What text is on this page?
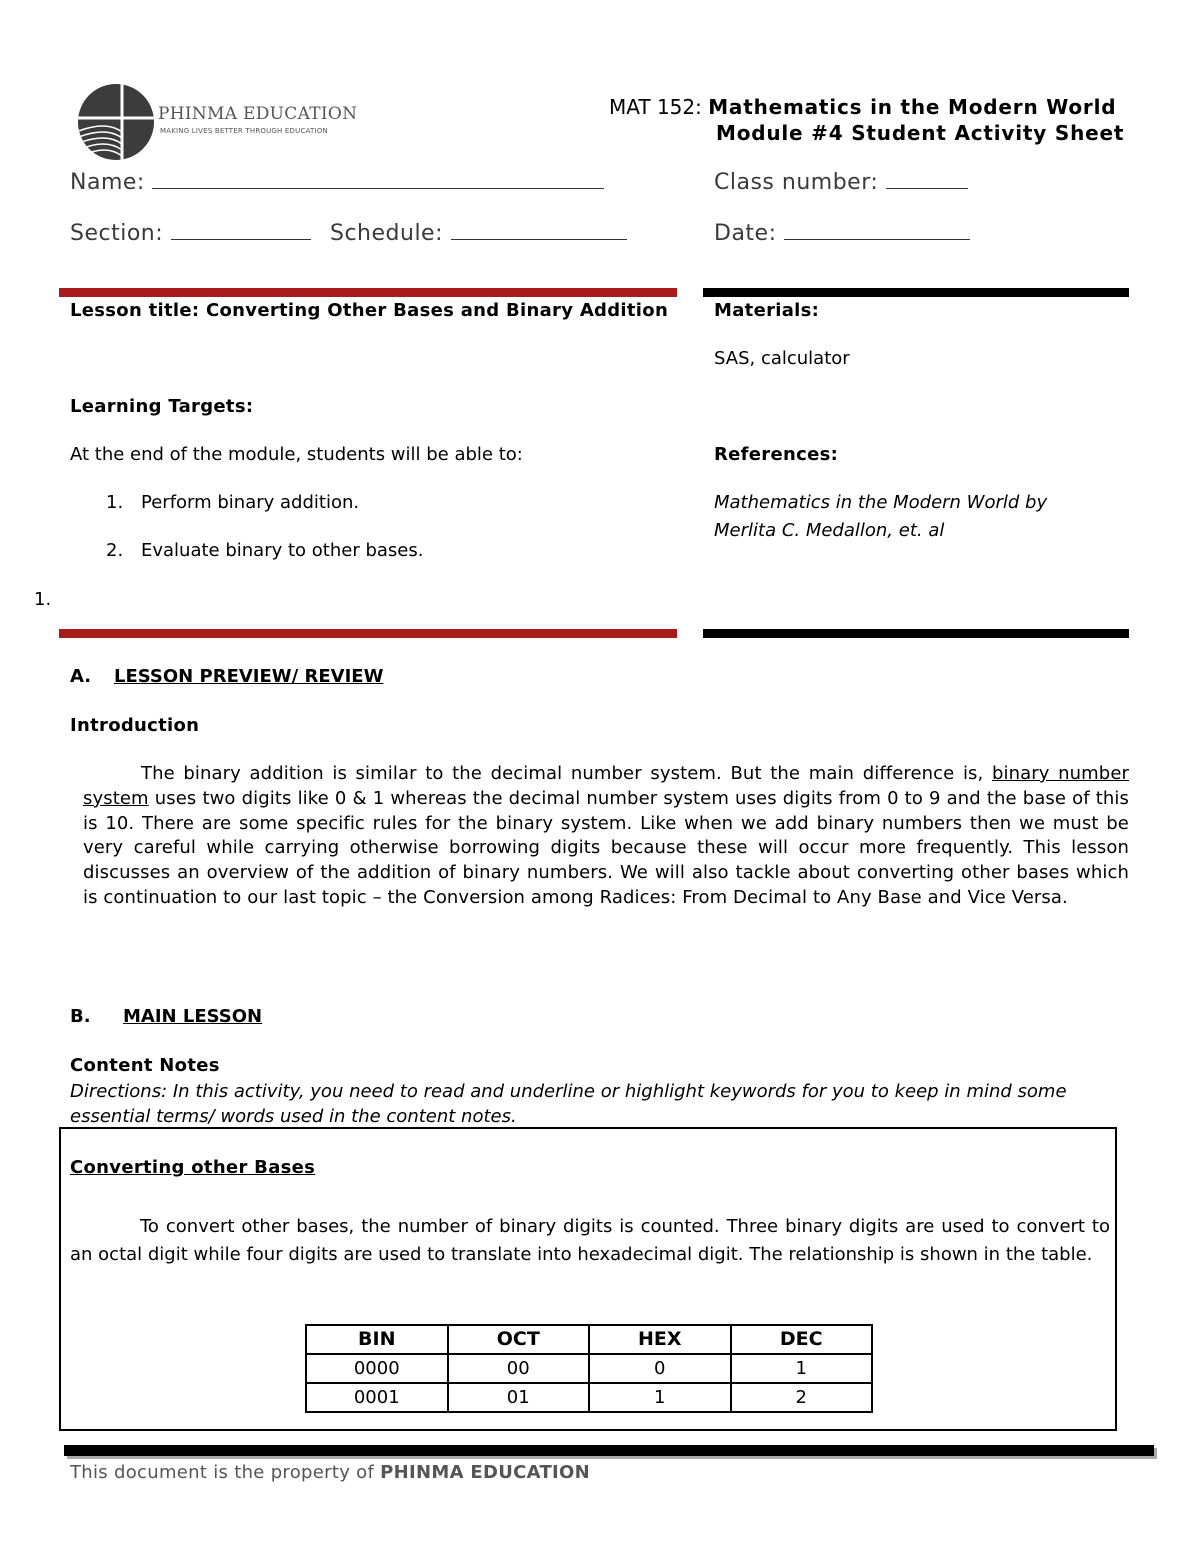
PHINMA EDUCATION
MAKING LIVES BETTER THROUGH EDUCATION
MAT 152: Mathematics in the Modern World
Module #4 Student Activity Sheet
Name:	Class number:
Section:	Schedule:	Date:
Lesson title: Converting Other Bases and Binary Addition
Learning Targets:
At the end of the module, students will be able to:
1. Perform binary addition.
2. Evaluate binary to other bases.
1.
Materials:
SAS, calculator
References:
Mathematics in the Modern World by
Merlita C. Medallon, et. al
A. LESSON PREVIEW/ REVIEW
Introduction
The binary addition is similar to the decimal number system. But the main difference is, binary number system uses two digits like 0 & 1 whereas the decimal number system uses digits from 0 to 9 and the base of this is 10. There are some specific rules for the binary system. Like when we add binary numbers then we must be very careful while carrying otherwise borrowing digits because these will occur more frequently. This lesson discusses an overview of the addition of binary numbers. We will also tackle about converting other bases which is continuation to our last topic – the Conversion among Radices: From Decimal to Any Base and Vice Versa.
B. MAIN LESSON
Content Notes
Directions: In this activity, you need to read and underline or highlight keywords for you to keep in mind some essential terms/ words used in the content notes.
Converting other Bases
To convert other bases, the number of binary digits is counted. Three binary digits are used to convert to an octal digit while four digits are used to translate into hexadecimal digit. The relationship is shown in the table.
BIN	OCT	HEX	DEC
0000	00	0	1
0001	01	1	2
This document is the property of PHINMA EDUCATION
